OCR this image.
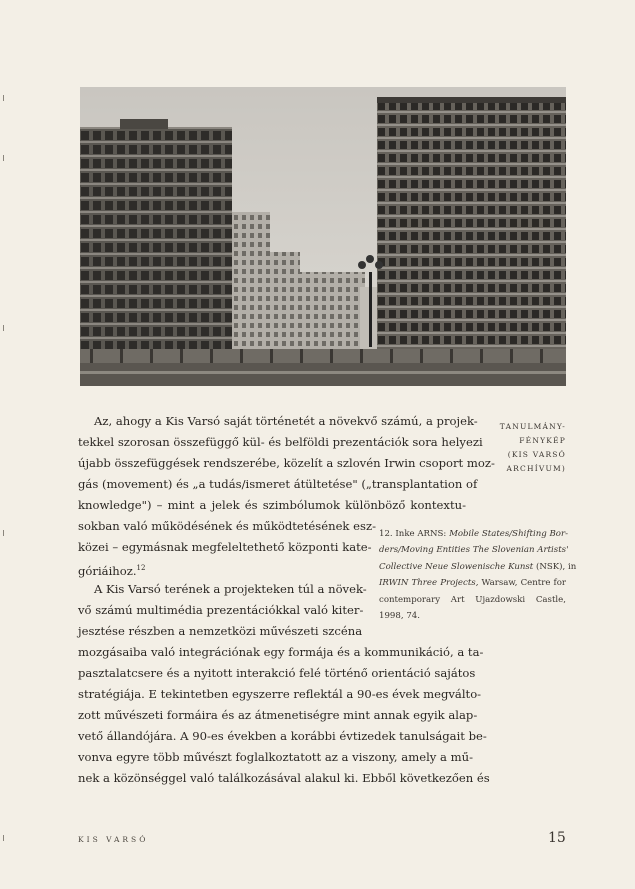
TANULMÁNY-
FÉNYKÉP
(KIS VARSÓ
ARCHÍVUM)
Az, ahogy a Kis Varsó saját történetét a növekvő számú, a projek-
tekkel szorosan összefüggő kül- és belföldi prezentációk sora helyezi
újabb összefüggések rendszerébe, közelít a szlovén Irwin csoport moz-
gás (movement) és „a tudás/ismeret átültetése" („transplantation of
knowledge") – mint a jelek és szimbólumok különböző kontextu-
sokban való működésének és működtetésének esz-
közei – egymásnak megfeleltethető központi kate-
góriáihoz.$^{12}$
A Kis Varsó terének a projekteken túl a növek-
vő számú multimédia prezentációkkal való kiter-
jesztése részben a nemzetközi művészeti szcéna
mozgásaiba való integrációnak egy formája és a kommunikáció, a ta-
pasztalatcsere és a nyitott interakció felé történő orientáció sajátos
stratégiája. E tekintetben egyszerre reflektál a 90-es évek megválto-
zott művészeti formáira és az átmenetiségre mint annak egyik alap-
vető állandójára. A 90-es években a korábbi évtizedek tanulságait be-
vonva egyre több művészt foglalkoztatott az a viszony, amely a mű-
nek a közönséggel való találkozásával alakul ki. Ebből következően és
12. Inke ARNS: Mobile States/Shifting Bor-
ders/Moving Entities The Slovenian Artists'
Collective Neue Slowenische Kunst (NSK), in
IRWIN Three Projects, Warsaw, Centre for
contemporary Art Ujazdowski Castle,
1998, 74.
KIS VARSÓ	15
